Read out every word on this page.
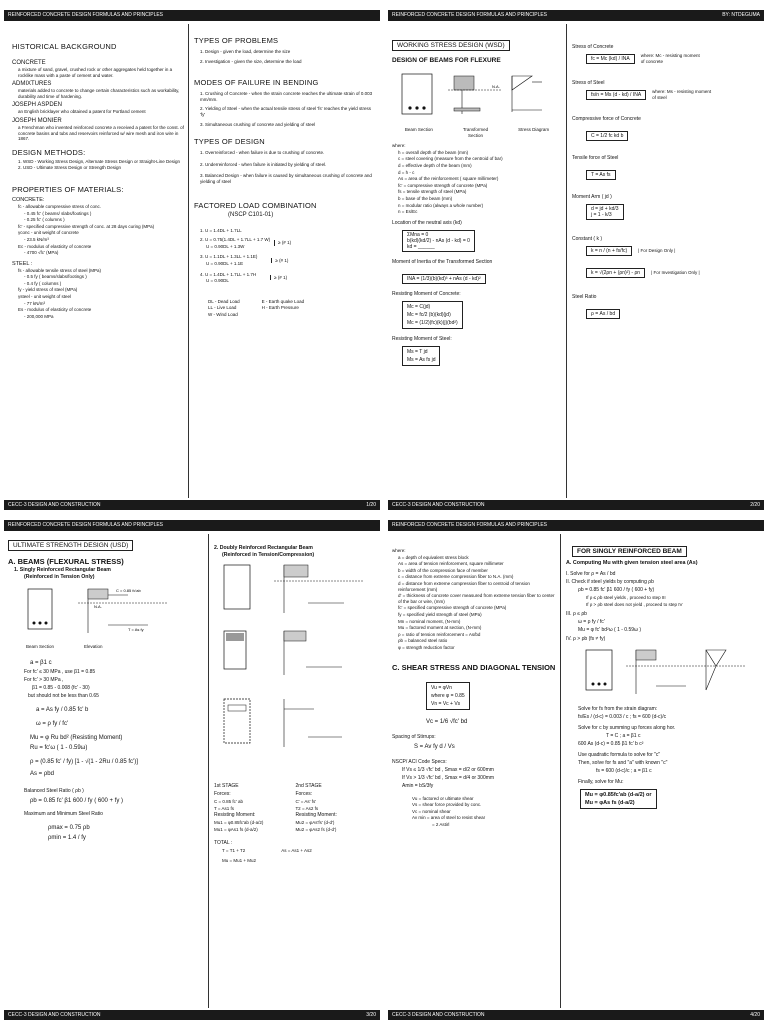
REINFORCED CONCRETE DESIGN FORMULAS AND PRINCIPLES
HISTORICAL BACKGROUND
CONCRETE
a mixture of sand, gravel, crushed rock or other aggregates held together in a rocklike mass with a paste of cement and water.
ADMIXTURES
materials added to concrete to change certain characteristics such as workability, durability and time of hardening.
JOSEPH ASPDEN
an English bricklayer who obtained a patent for Portland cement
JOSEPH MONIER
a Frenchman who invented reinforced concrete a received a patent for the const. of concrete basins and tubs and reservoirs reinforced w/ wire mesh and iron wire in 1867.
DESIGN METHODS:
1. WSD - Working Stress Design, Alternate Stress Design or Straight-Line Design
2. USD - Ultimate Stress Design or Strength Design
PROPERTIES OF MATERIALS:
CONCRETE:
fc - allowable compressive stress of conc.
- 0.45 fc' ( beams/ slabs/footings )
- 0.25 fc' ( columns )
fc' - specified compressive strength of conc. at 28 days curing (MPa)
γconc - unit weight of concrete
- 23.5 kN/m³
Ec - modulus of elasticity of concrete
- 4700 √fc' (MPa)
STEEL :
fs - allowable tensile stress of steel (MPa)
- 0.5 fy ( beams/slabs/footings )
- 0.4 fy ( columns )
fy - yield stress of steel (MPa)
γsteel - unit weight of steel
- 77 kN/m³
Es - modulus of elasticity of concrete
- 200,000 MPa
TYPES OF PROBLEMS
1. Design - given the load, determine the size
2. Investigation - given the size, determine the load
MODES OF FAILURE IN BENDING
1. Crushing of Concrete - when the strain concrete reaches the ultimate strain of 0.003 mm/mm.
2. Yielding of Steel - when the actual tensile stress of steel 'fs' reaches the yield stress 'fy'
3. Simultaneous crushing of concrete and yielding of steel
TYPES OF DESIGN
1. Overreinforced - when failure is due to crushing of concrete.
2. Underreinforced - when failure is initiated by yielding of steel.
3. Balanced Design - when failure is caused by simultaneous crushing of concrete and yielding of steel
FACTORED LOAD COMBINATION
(NSCP C101-01)
1. U = 1.4DL + 1.7LL
2. U = 0.75(1.4DL + 1.7LL + 1.7 W)
U = 0.90DL + 1.3W
≥ (# 1)
3. U = 1.1DL + 1.3LL + 1.1E)
U = 0.90DL + 1.1E
≥ (# 1)
4. U = 1.4DL + 1.7LL + 1.7H
U = 0.90DL
≥ (# 1)
DL - Dead Load
LL - Live Load
W - Wind Load
E - Earth quake Load
H - Earth Pressure
CECC-3 DESIGN AND CONSTRUCTION	1/20
REINFORCED CONCRETE DESIGN FORMULAS AND PRINCIPLES	BY: NTDEGUMA
WORKING STRESS DESIGN (WSD)
DESIGN OF BEAMS FOR FLEXURE
N.A.
Beam Section	Transformed Section
Stress Diagram
where:
h = overall depth of the beam (mm)
c = steel covering (measure from the centroid of bar)
d = effective depth of the beam (mm)
d = h - c
As = area of the reinforcement ( square millimeter)
fc' = compressive strength of concrete (MPa)
fs = tensile strength of steel (MPa)
b = base of the beam (mm)
n = modular ratio (always a whole number)
n = Es/Ec
Location of the neutral axis (kd)
ΣMna = 0
b(kd)(kd/2) - nAs (d - kd) = 0
kd = ______
Moment of Inertia of the Transformed Section
INA = (1/3)(b)(kd)³ + nAs (d - kd)²
Resisting Moment of Concrete:
Mc = C(jd)
Mc = fc/2 (b)(kd)(jd)
Mc = (1/2)(fc)(k)(j)(bd²)
Resisting Moment of Steel:
Ms = T jd
Ms = As fs jd
Stress of Concrete
fc = Mc (kd) / INA
where: Mc - resisting moment of concrete
Stress of Steel
fs/n = Ms (d - kd) / INA
where: Ms - resisting moment of steel
Compressive force of Concrete
C = 1/2 fc kd b
Tensile force of Steel
T = As fs
Moment Arm ( jd )
d = jd + kd/3
j = 1 - k/3
Constant ( k )
k = n / (n + fs/fc)	| For Design Only |
k = √(2ρn + (ρn)²) - ρn	| For Investigation Only |
Steel Ratio
ρ = As / bd
CECC-3 DESIGN AND CONSTRUCTION	2/20
REINFORCED CONCRETE DESIGN FORMULAS AND PRINCIPLES
ULTIMATE STRENGTH DESIGN (USD)
A. BEAMS (FLEXURAL STRESS)
1. Singly Reinforced Rectangular Beam
(Reinforced in Tension Only)
C = 0.85 fc'ab
T = As fy
N.A.
Beam Section	Elevation
a = β1 c
For fc' ≤ 30 MPa , use β1 = 0.85
For fc' > 30 MPa ,
β1 = 0.85 - 0.008 (fc' - 30)
but should not be less than 0.65
a = As fy / 0.85 fc' b
ω = ρ fy / fc'
Mu = φ Ru bd² (Resisting Moment)
Ru = fc'ω ( 1 - 0.59ω)
ρ = (0.85 fc' / fy) [1 - √(1 - 2Ru / 0.85 fc')]
As = ρbd
Balanced Steel Ratio ( ρb )
ρb = 0.85 fc' β1 600 / fy ( 600 + fy )
Maximum and Minimum Steel Ratio
ρmax = 0.75 ρb
ρmin = 1.4 / fy
2. Doubly Reinforced Rectangular Beam
(Reinforced in Tension/Compression)
1st STAGE
Forces:
C = 0.85 fc' ab
T = As1 fs
Resisting Moment:
Mu1 = φ0.85fc'ab (d-a/2)
Mu1 = φAs1 fs (d-a/2)
2nd STAGE
Forces:
C' = As' fs'
T2 = As2 fs
Resisting Moment:
Mu2 = φAs'fs' (d-d')
Mu2 = φAs2 fs (d-d')
TOTAL :
T = T1 + T2	As = As1 + As2
Mu = Mu1 + Mu2
CECC-3 DESIGN AND CONSTRUCTION	3/20
REINFORCED CONCRETE DESIGN FORMULAS AND PRINCIPLES
where:
a = depth of equivalent stress block
As = area of tension reinforcement, square millimeter
b = width of the compression face of member
c = distance from extreme compression fiber to N.A. (mm)
d = distance from extreme compression fiber to centroid of tension reinforcement (mm)
d' = thickness of concrete cover measured from extreme tension fiber to center of the bar or wire, (mm)
fc' = specified compressive strength of concrete (MPa)
fy = specified yield strength of steel (MPa)
Mn = nominal moment, (N-mm)
Mu = factored moment at section, (N-mm)
ρ = ratio of tension reinforcement = As/bd
ρb = balanced steel ratio
φ = strength reduction factor
C. SHEAR STRESS AND DIAGONAL TENSION
Vu = φVn
where φ = 0.85
Vn = Vc + Vs
Vc = 1/6 √fc' bd
Spacing of Stirrups:
S = Av fy d / Vs
NSCP/ ACI Code Specs:
If Vs ≤ 1/3 √fc' bd , Smax = d/2 or 600mm
If Vs > 1/3 √fc' bd , Smax = d/4 or 300mm
Amin = bS/3fy
Vu = factored or ultimate shear
Vs = shear force provided by conc.
Vc = nominal shear
Av min = area of steel to resist shear
= 2 Astirl
FOR SINGLY REINFORCED BEAM
A. Computing Mu with given tension steel area (As)
I. Solve for ρ = As / bd
II. Check if steel yields by computing ρb
ρb = 0.85 fc' β1 600 / fy ( 600 + fy)
If ρ ≤ ρb steel yields , proceed to step III
If ρ > ρb steel does not yield , proceed to step IV
III. ρ ≤ ρb
ω = ρ fy / fc'
Mu = φ fc' bd²ω ( 1 - 0.59ω )
IV. ρ > ρb (fs ≠ fy)
Solve for fs from the strain diagram:
fs/Es / (d-c) = 0.003 / c ; fs = 600 (d-c)/c
Solve for c by summing up forces along hor.
T = C ; a = β1 c
600 As (d-c) = 0.85 β1 fc' b c²
Use quadratic formula to solve for "c"
Then, solve for fs and "a" with known "c"
fs = 600 (d-c)/c ; a = β1 c
Finally, solve for Mu:
Mu = φ0.85fc'ab (d-a/2) or
Mu = φAs fs (d-a/2)
CECC-3 DESIGN AND CONSTRUCTION	4/20
